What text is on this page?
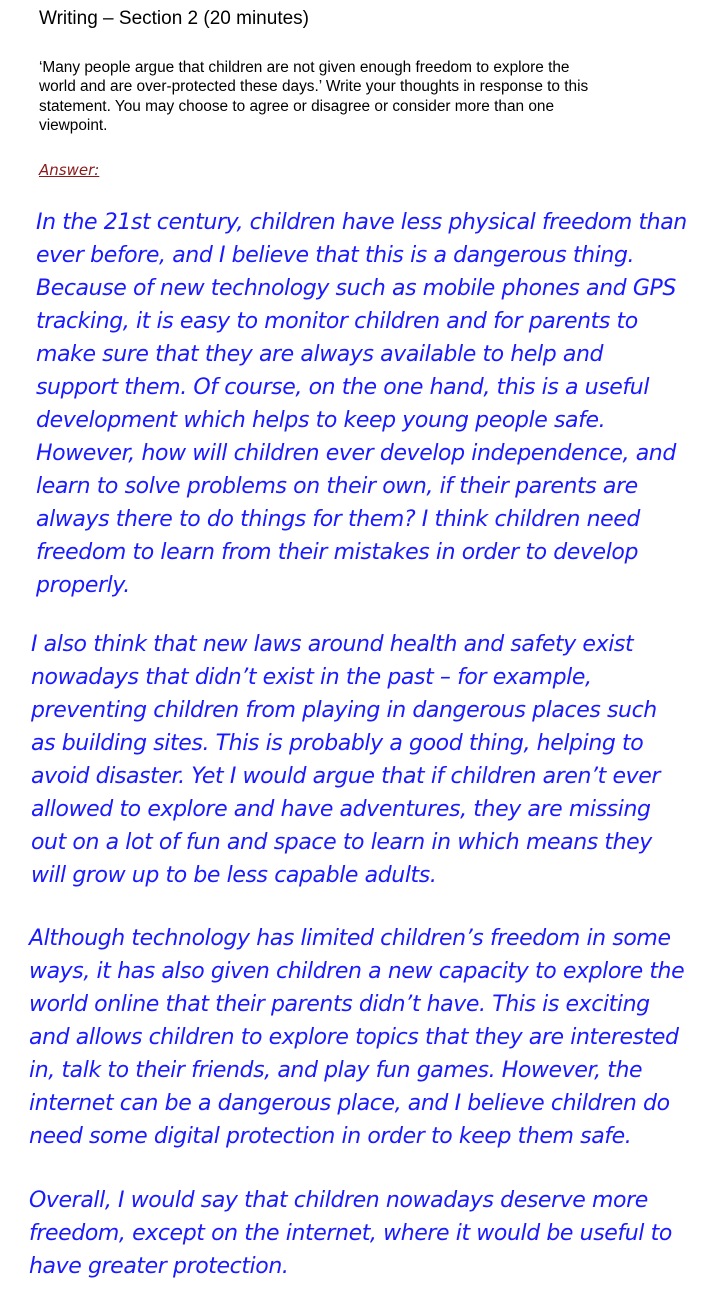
Writing – Section 2 (20 minutes)
‘Many people argue that children are not given enough freedom to explore the
world and are over-protected these days.’ Write your thoughts in response to this
statement. You may choose to agree or disagree or consider more than one
viewpoint.
Answer:
In the 21st century, children have less physical freedom than
ever before, and I believe that this is a dangerous thing.
Because of new technology such as mobile phones and GPS
tracking, it is easy to monitor children and for parents to
make sure that they are always available to help and
support them. Of course, on the one hand, this is a useful
development which helps to keep young people safe.
However, how will children ever develop independence, and
learn to solve problems on their own, if their parents are
always there to do things for them? I think children need
freedom to learn from their mistakes in order to develop
properly.
I also think that new laws around health and safety exist
nowadays that didn’t exist in the past – for example,
preventing children from playing in dangerous places such
as building sites. This is probably a good thing, helping to
avoid disaster. Yet I would argue that if children aren’t ever
allowed to explore and have adventures, they are missing
out on a lot of fun and space to learn in which means they
will grow up to be less capable adults.
Although technology has limited children’s freedom in some
ways, it has also given children a new capacity to explore the
world online that their parents didn’t have. This is exciting
and allows children to explore topics that they are interested
in, talk to their friends, and play fun games. However, the
internet can be a dangerous place, and I believe children do
need some digital protection in order to keep them safe.
Overall, I would say that children nowadays deserve more
freedom, except on the internet, where it would be useful to
have greater protection.
